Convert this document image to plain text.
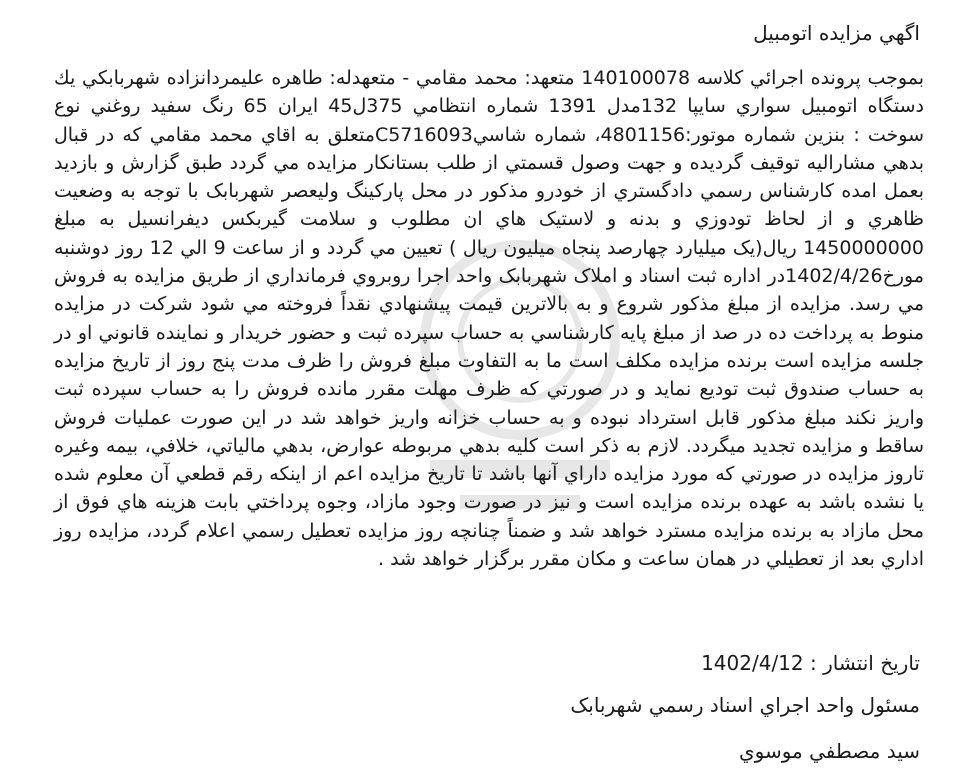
اگهي مزايده اتومبيل

بموجب پرونده اجرائي كلاسه 140100078 متعهد: محمد مقامي - متعهدله: طاهره عليمردانزاده شهربابكي يك دستگاه اتومبيل سواري سايپا 132مدل 1391 شماره انتظامي 375ل45 ايران 65 رنگ سفيد روغني نوع سوخت : بنزين شماره موتور:4801156، شماره شاسيC5716093متعلق به اقاي محمد مقامي كه در قبال بدهي مشاراليه توقيف گرديده و جهت وصول قسمتي از طلب بستانكار مزايده مي گردد طبق گزارش و بازديد بعمل امده كارشناس رسمي دادگستري از خودرو مذكور در محل پاركينگ وليعصر شهربابک با توجه به وضعيت ظاهري و از لحاظ تودوزي و بدنه و لاستيک هاي ان مطلوب و سلامت گيربكس ديفرانسيل به مبلغ 1450000000 ريال(يک ميليارد چهارصد پنجاه ميليون ريال ) تعيين مي گردد و از ساعت 9 الي 12 روز دوشنبه مورخ1402/4/26در اداره ثبت اسناد و املاک شهربابک واحد اجرا روبروي فرمانداري از طريق مزايده به فروش مي رسد. مزايده از مبلغ مذكور شروع و به بالاترين قيمت پيشنهادي نقداً فروخته مي شود شركت در مزايده منوط به پرداخت ده در صد از مبلغ پايه كارشناسي به حساب سپرده ثبت و حضور خريدار و نماينده قانوني او در جلسه مزايده است برنده مزايده مكلف است ما به التفاوت مبلغ فروش را ظرف مدت پنج روز از تاريخ مزايده به حساب صندوق ثبت توديع نمايد و در صورتي كه ظرف مهلت مقرر مانده فروش را به حساب سپرده ثبت واريز نكند مبلغ مذكور قابل استرداد نبوده و به حساب خزانه واريز خواهد شد در اين صورت عمليات فروش ساقط و مزايده تجديد ميگردد. لازم به ذكر است كليه بدهي مربوطه عوارض، بدهي مالياتي، خلافي، بيمه وغيره تاروز مزايده در صورتي كه مورد مزايده داراي آنها باشد تا تاريخ مزايده اعم از اينكه رقم قطعي آن معلوم شده يا نشده باشد به عهده برنده مزايده است و نيز در صورت وجود مازاد، وجوه پرداختي بابت هزينه هاي فوق از محل مازاد به برنده مزايده مسترد خواهد شد و ضمناً چنانچه روز مزايده تعطيل رسمي اعلام گردد، مزايده روز اداري بعد از تعطيلي در همان ساعت و مكان مقرر برگزار خواهد شد .

تاريخ انتشار : 1402/4/12
مسئول واحد اجراي اسناد رسمي شهربابک
سيد مصطفي موسوي
